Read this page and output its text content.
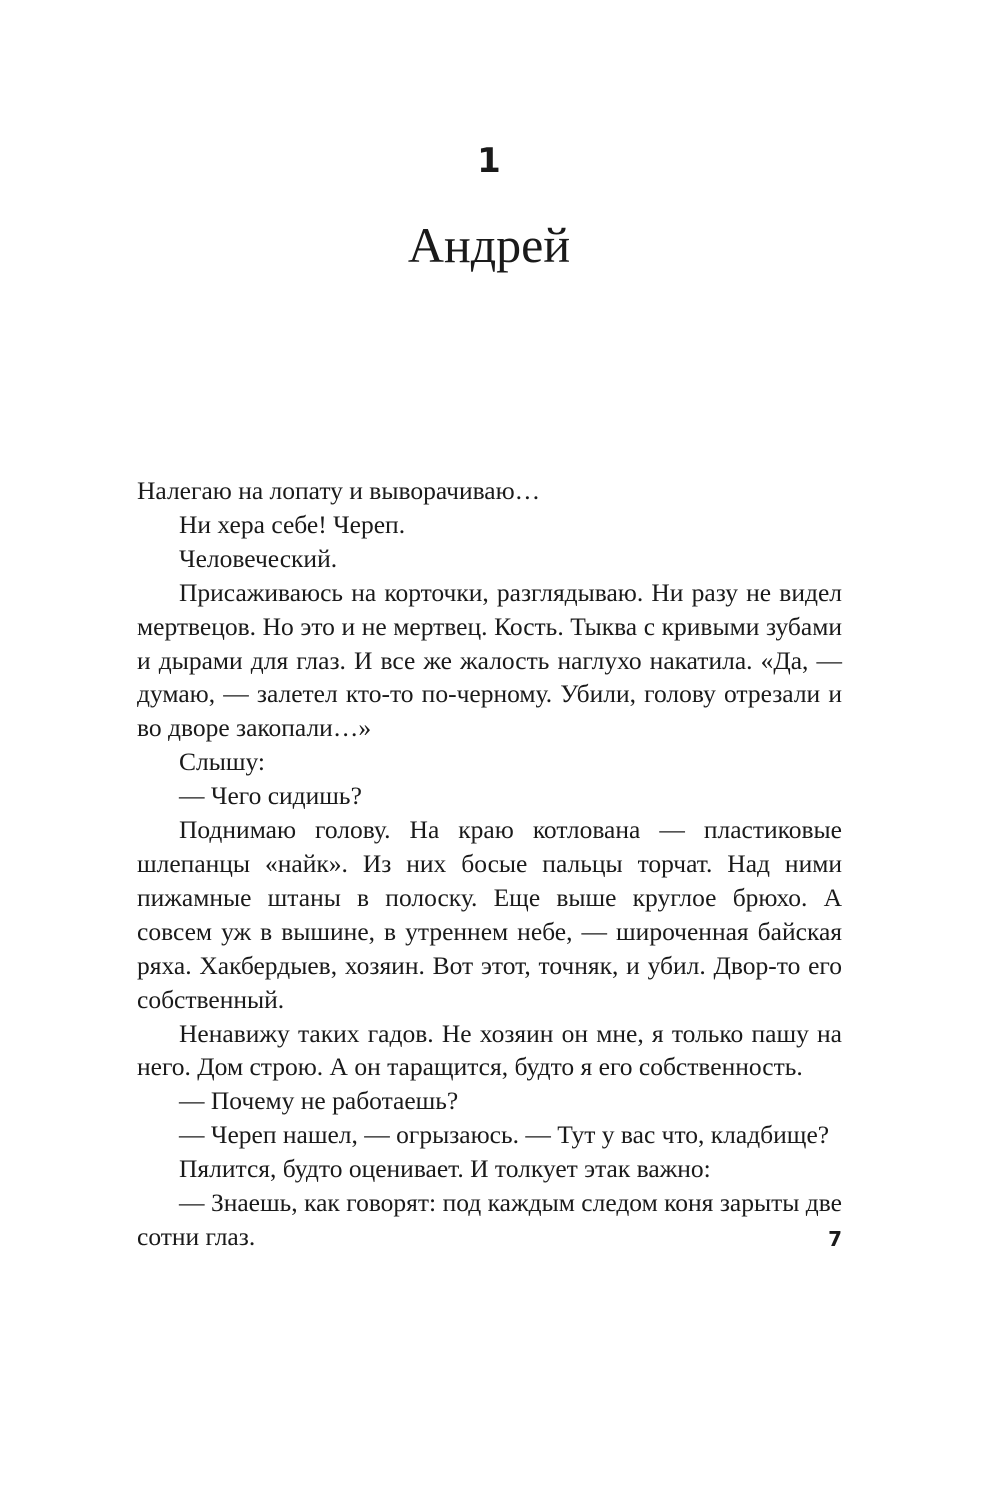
1
Андрей

Налегаю на лопату и выворачиваю…

Ни хера себе! Череп.

Человеческий.

Присаживаюсь на корточки, разглядываю. Ни разу не видел мертвецов. Но это и не мертвец. Кость. Тыква с кривыми зубами и дырами для глаз. И все же жалость наглухо накатила. «Да, — думаю, — залетел кто-то по-черному. Убили, голову отрезали и во дворе закопали…»

Слышу:

— Чего сидишь?

Поднимаю голову. На краю котлована — пластиковые шлепанцы «найк». Из них босые пальцы торчат. Над ними пижамные штаны в полоску. Еще выше круглое брюхо. А совсем уж в вышине, в утреннем небе, — широченная байская ряха. Хакбердыев, хозяин. Вот этот, точняк, и убил. Двор-то его собственный.

Ненавижу таких гадов. Не хозяин он мне, я только пашу на него. Дом строю. А он таращится, будто я его собственность.

— Почему не работаешь?

— Череп нашел, — огрызаюсь. — Тут у вас что, кладбище?

Пялится, будто оценивает. И толкует этак важно:

— Знаешь, как говорят: под каждым следом коня зарыты две сотни глаз.	7
